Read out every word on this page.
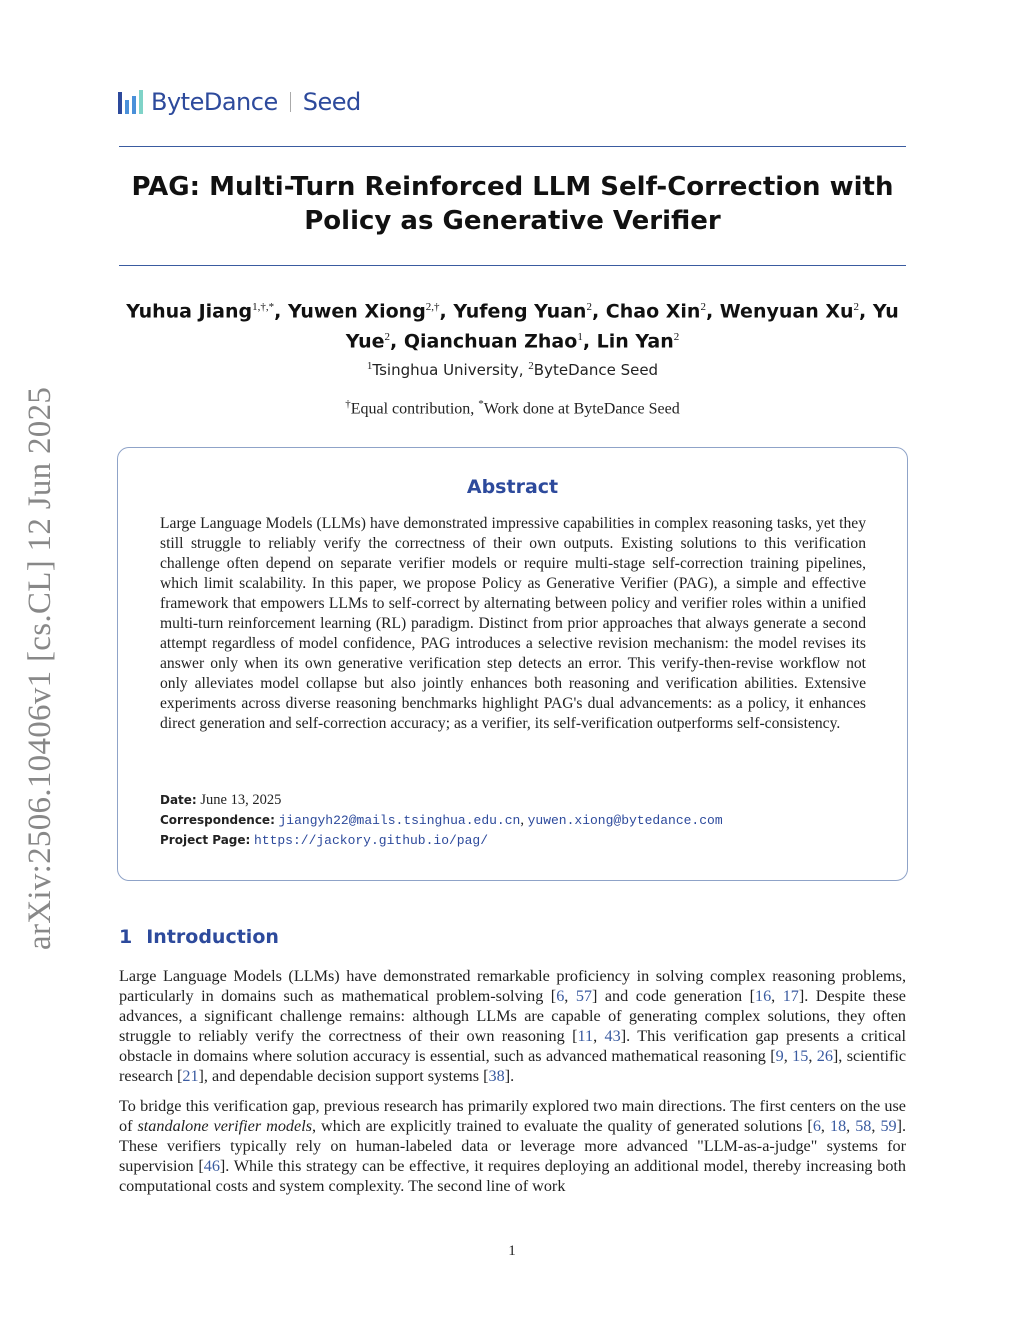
ByteDance Seed
PAG: Multi-Turn Reinforced LLM Self-Correction with Policy as Generative Verifier
Yuhua Jiang$^{1,\dagger,*}$, Yuwen Xiong$^{2,\dagger}$, Yufeng Yuan$^2$, Chao Xin$^2$, Wenyuan Xu$^2$, Yu Yue$^2$, Qianchuan Zhao$^1$, Lin Yan$^2$
$^1$Tsinghua University, $^2$ByteDance Seed
†Equal contribution, *Work done at ByteDance Seed
Abstract

Large Language Models (LLMs) have demonstrated impressive capabilities in complex reasoning tasks, yet they still struggle to reliably verify the correctness of their own outputs. Existing solutions to this verification challenge often depend on separate verifier models or require multi-stage self-correction training pipelines, which limit scalability. In this paper, we propose Policy as Generative Verifier (PAG), a simple and effective framework that empowers LLMs to self-correct by alternating between policy and verifier roles within a unified multi-turn reinforcement learning (RL) paradigm. Distinct from prior approaches that always generate a second attempt regardless of model confidence, PAG introduces a selective revision mechanism: the model revises its answer only when its own generative verification step detects an error. This verify-then-revise workflow not only alleviates model collapse but also jointly enhances both reasoning and verification abilities. Extensive experiments across diverse reasoning benchmarks highlight PAG's dual advancements: as a policy, it enhances direct generation and self-correction accuracy; as a verifier, its self-verification outperforms self-consistency.

Date: June 13, 2025
Correspondence: jiangyh22@mails.tsinghua.edu.cn, yuwen.xiong@bytedance.com
Project Page: https://jackory.github.io/pag/
arXiv:2506.10406v1 [cs.CL] 12 Jun 2025	1 Introduction

Large Language Models (LLMs) have demonstrated remarkable proficiency in solving complex reasoning problems, particularly in domains such as mathematical problem-solving [6, 57] and code generation [16, 17]. Despite these advances, a significant challenge remains: although LLMs are capable of generating complex solutions, they often struggle to reliably verify the correctness of their own reasoning [11, 43]. This verification gap presents a critical obstacle in domains where solution accuracy is essential, such as advanced mathematical reasoning [9, 15, 26], scientific research [21], and dependable decision support systems [38].

To bridge this verification gap, previous research has primarily explored two main directions. The first centers on the use of standalone verifier models, which are explicitly trained to evaluate the quality of generated solutions [6, 18, 58, 59]. These verifiers typically rely on human-labeled data or leverage more advanced "LLM-as-a-judge" systems for supervision [46]. While this strategy can be effective, it requires deploying an additional model, thereby increasing both computational costs and system complexity. The second line of work

1
